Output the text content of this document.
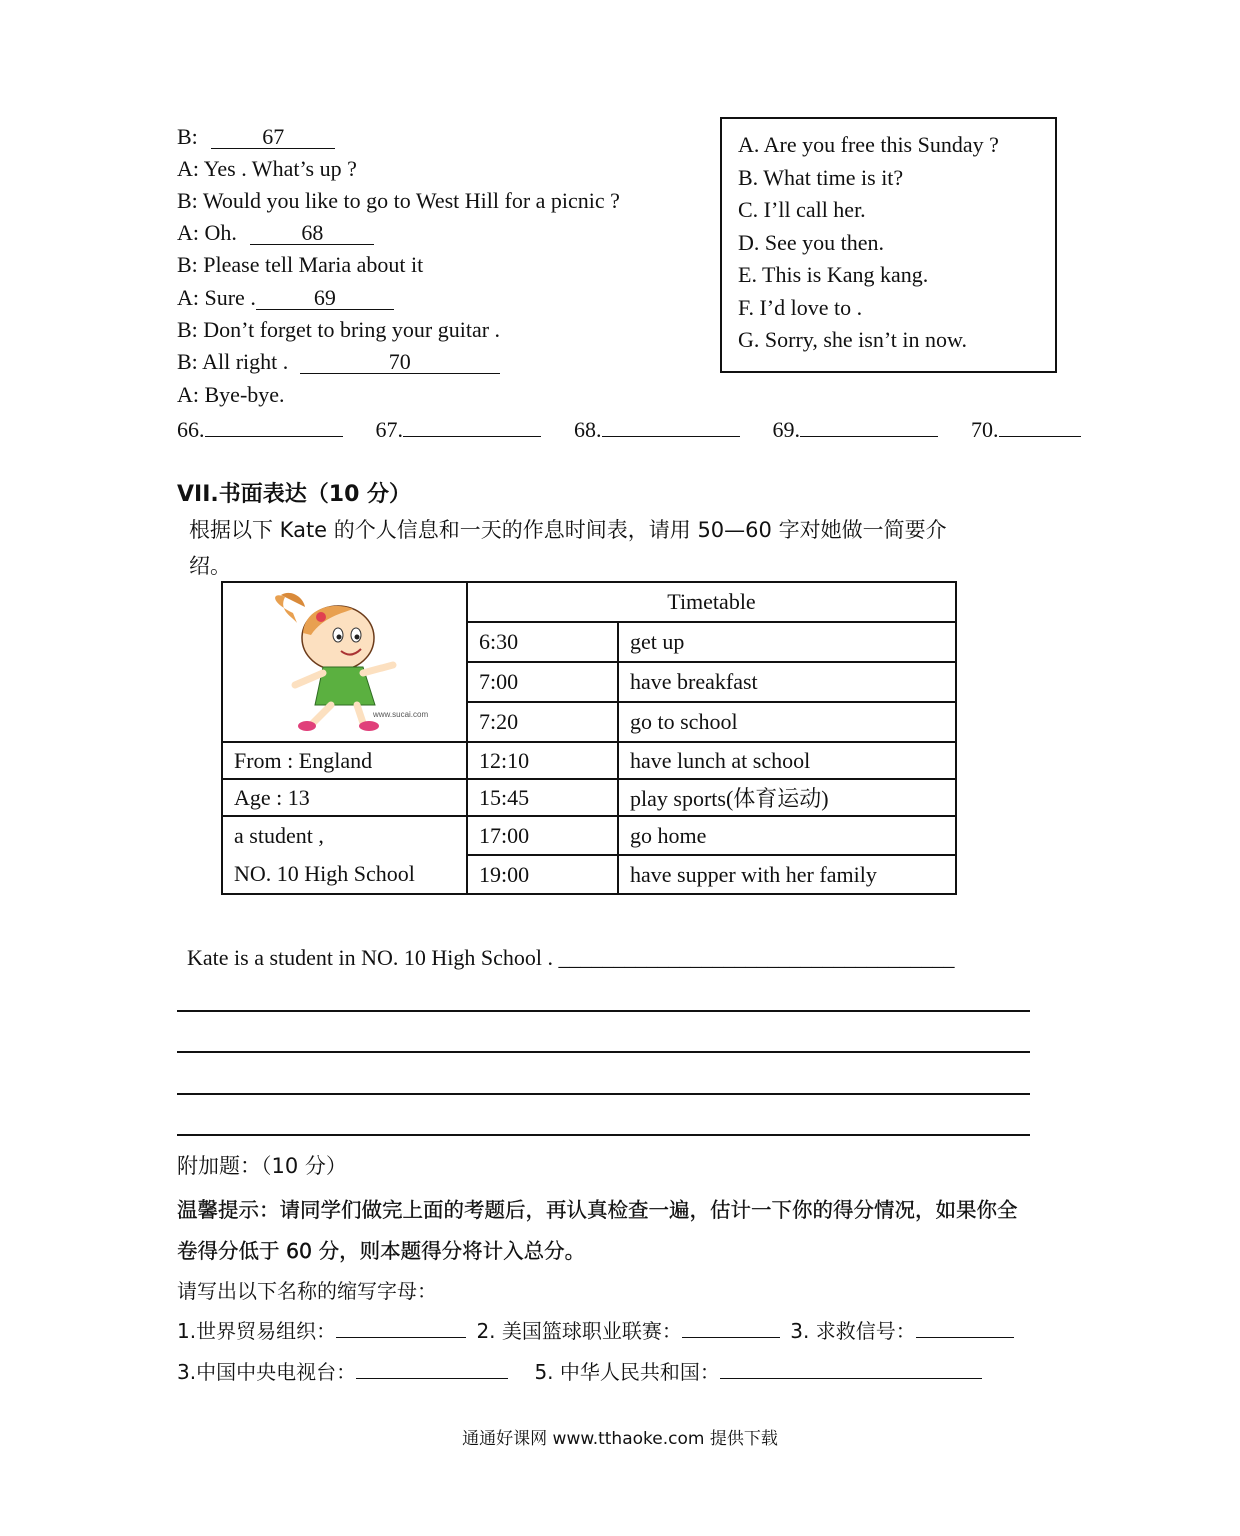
B:	67
A: Yes . What’s up ?
B: Would you like to go to West Hill for a picnic ?
A: Oh.	68
B: Please tell Maria about it
A: Sure .	69
B: Don’t forget to bring your guitar .
B: All right .	70
A: Bye-bye.
A. Are you free this Sunday ?
B. What time is it?
C. I’ll call her.
D. See you then.
E. This is Kang kang.
F. I’d love to .
G. Sorry, she isn’t in now.
66.	67.	68.	69.	70.
VII.书面表达（10 分）
根据以下 Kate 的个人信息和一天的作息时间表，请用 50—60 字对她做一简要介
绍。
www.sucai.com	Timetable	
	6:30	get up
	7:00	have breakfast
	7:20	go to school
From : England	12:10	have lunch at school
Age : 13	15:45	play sports(体育运动)

a student ,
NO. 10 High School	17:00	go home
	19:00	have supper with her family
Kate is a student in NO. 10 High School . ____________________________________
附加题：（10 分）
温馨提示：请同学们做完上面的考题后，再认真检查一遍，估计一下你的得分情况，如果你全
卷得分低于 60 分，则本题得分将计入总分。
请写出以下名称的缩写字母：
1.世界贸易组织：	2. 美国篮球职业联赛：	3. 求救信号：
3.中国中央电视台：	5. 中华人民共和国：
通通好课网 www.tthaoke.com 提供下载
